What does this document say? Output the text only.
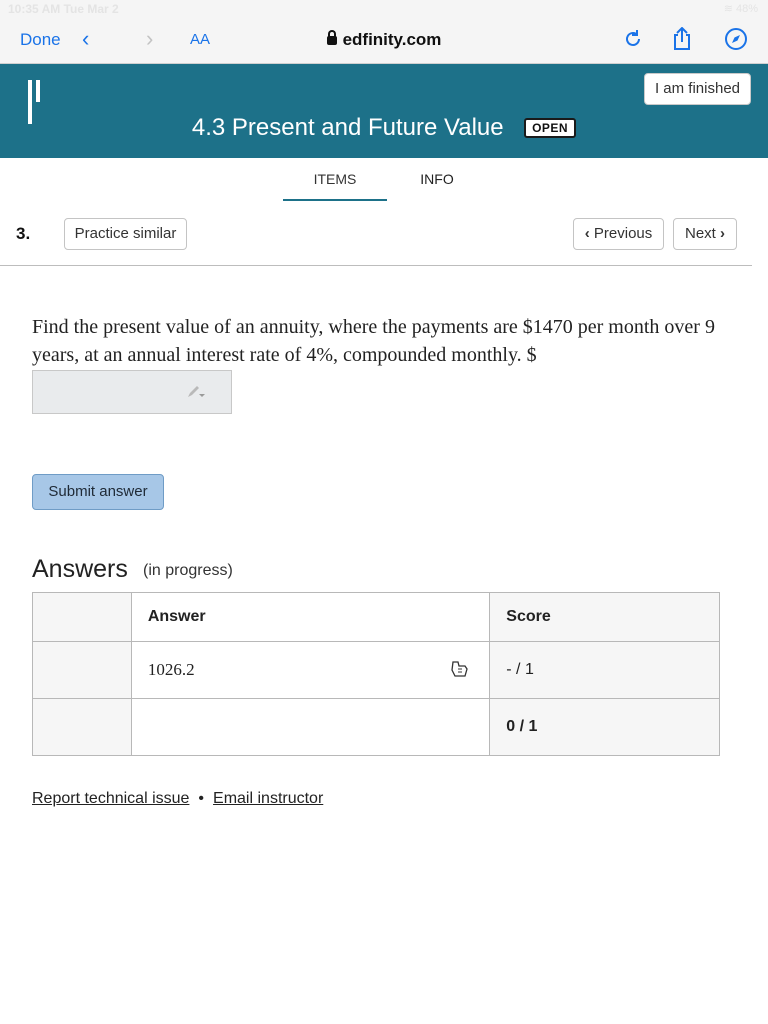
10:35 AM Tue Mar 2	≋ 48%
Done ‹	› AA	edfinity.com
I am finished
4.3 Present and Future Value OPEN
ITEMS	INFO
3.	Practice similar	‹ Previous	Next ›
Find the present value of an annuity, where the payments are $1470 per month over 9 years, at an annual interest rate of 4%, compounded monthly. $
Submit answer
Answers (in progress)
	Answer	Score
	1026.2	- / 1
		0 / 1
Report technical issue • Email instructor
